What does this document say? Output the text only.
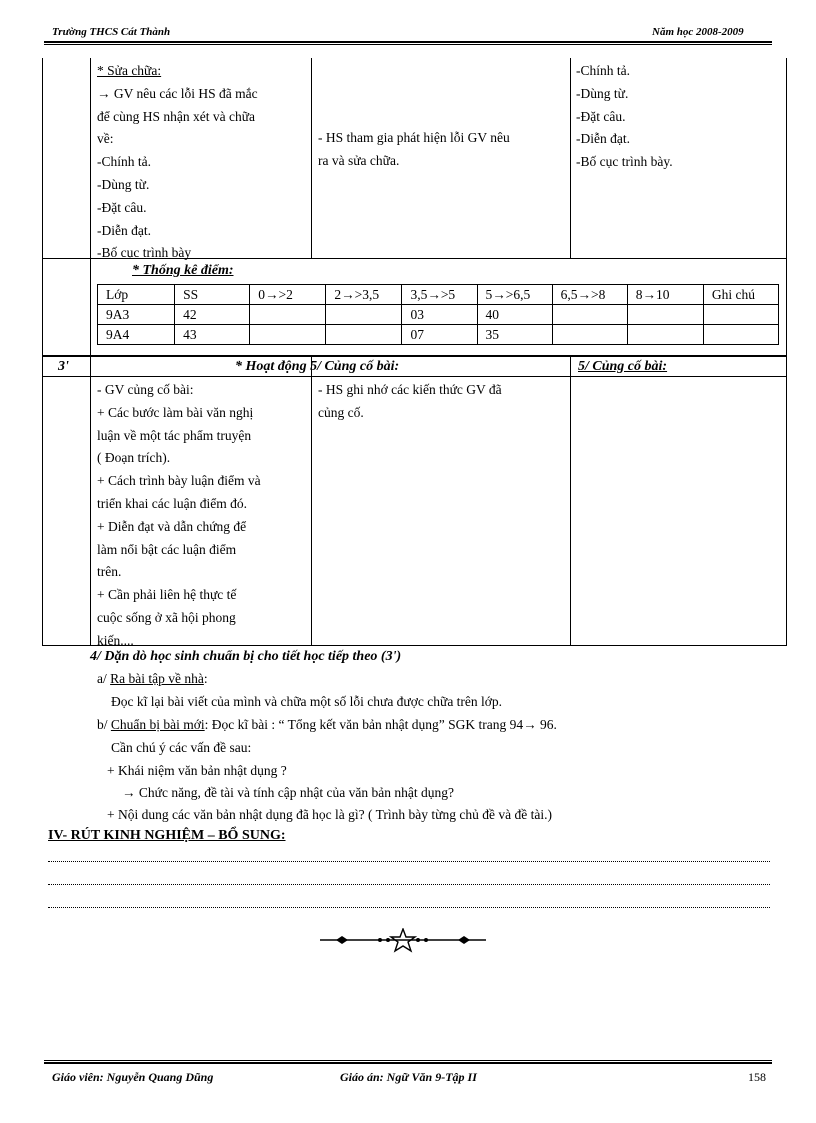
Trường THCS Cát Thành	Năm học 2008-2009
* Sửa chữa:
→ GV nêu các lỗi HS đã mắc
để cùng HS nhận xét và chữa
về:
-Chính tả.
-Dùng từ.
-Đặt câu.
-Diễn đạt.
-Bố cục trình bày
- HS tham gia phát hiện lỗi GV nêu
ra và sửa chữa.
-Chính tả.
-Dùng từ.
-Đặt câu.
-Diễn đạt.
-Bố cục trình bày.
* Thống kê điểm:
Lớp	SS	0→>2	2→>3,5	3,5→>5	5→>6,5	6,5→>8	8→10	Ghi chú
9A3	42			03	40			
9A4	43			07	35			
3'	* Hoạt động 5/ Củng cố bài:	5/ Củng cố bài:
- GV củng cố bài:
+ Các bước làm bài văn nghị
luận về một tác phẩm truyện
( Đoạn trích).
+ Cách trình bày luận điểm và
triển khai các luận điểm đó.
+ Diễn đạt và dẫn chứng để
làm nổi bật các luận điểm
trên.
+ Cần phải liên hệ thực tế
cuộc sống ở xã hội phong
kiến....
- HS ghi nhớ các kiến thức GV đã
củng cố.
4/ Dặn dò học sinh chuẩn bị cho tiết học tiếp theo (3')
a/ Ra bài tập về nhà:
Đọc kĩ lại bài viết của mình và chữa một số lỗi chưa được chữa trên lớp.
b/ Chuẩn bị bài mới: Đọc kĩ bài : “ Tổng kết văn bản nhật dụng” SGK trang 94→ 96.
Cần chú ý các vấn đề sau:
+ Khái niệm văn bản nhật dụng ?
→ Chức năng, đề tài và tính cập nhật của văn bản nhật dụng?
+ Nội dung các văn bản nhật dụng đã học là gì? ( Trình bày từng chủ đề và đề tài.)
IV- RÚT KINH NGHIỆM – BỔ SUNG:
Giáo viên: Nguyễn Quang Dũng	Giáo án: Ngữ Văn 9-Tập II	158
